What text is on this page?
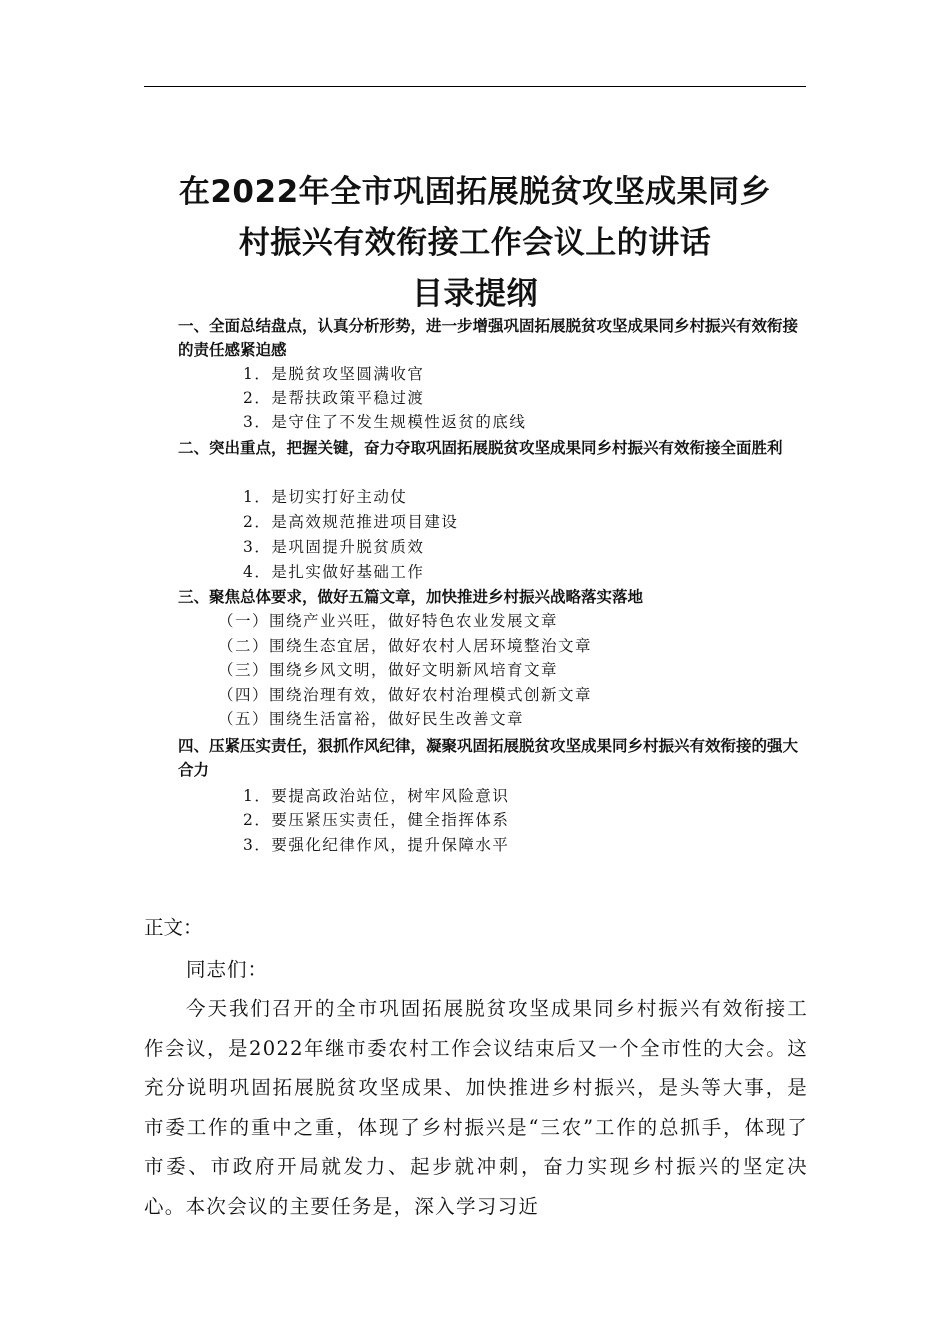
在2022年全市巩固拓展脱贫攻坚成果同乡
村振兴有效衔接工作会议上的讲话
目录提纲
一、全面总结盘点，认真分析形势，进一步增强巩固拓展脱贫攻坚成果同乡村振兴有效衔接的责任感紧迫感
1．是脱贫攻坚圆满收官
2．是帮扶政策平稳过渡
3．是守住了不发生规模性返贫的底线
二、突出重点，把握关键，奋力夺取巩固拓展脱贫攻坚成果同乡村振兴有效衔接全面胜利
1．是切实打好主动仗
2．是高效规范推进项目建设
3．是巩固提升脱贫质效
4．是扎实做好基础工作
三、聚焦总体要求，做好五篇文章，加快推进乡村振兴战略落实落地
（一）围绕产业兴旺，做好特色农业发展文章
（二）围绕生态宜居，做好农村人居环境整治文章
（三）围绕乡风文明，做好文明新风培育文章
（四）围绕治理有效，做好农村治理模式创新文章
（五）围绕生活富裕，做好民生改善文章
四、压紧压实责任，狠抓作风纪律，凝聚巩固拓展脱贫攻坚成果同乡村振兴有效衔接的强大合力
1．要提高政治站位，树牢风险意识
2．要压紧压实责任，健全指挥体系
3．要强化纪律作风，提升保障水平
正文：
同志们：
今天我们召开的全市巩固拓展脱贫攻坚成果同乡村振兴有效衔接工作会议，是2022年继市委农村工作会议结束后又一个全市性的大会。这充分说明巩固拓展脱贫攻坚成果、加快推进乡村振兴，是头等大事，是市委工作的重中之重，体现了乡村振兴是“三农”工作的总抓手，体现了市委、市政府开局就发力、起步就冲刺，奋力实现乡村振兴的坚定决心。本次会议的主要任务是，深入学习习近
